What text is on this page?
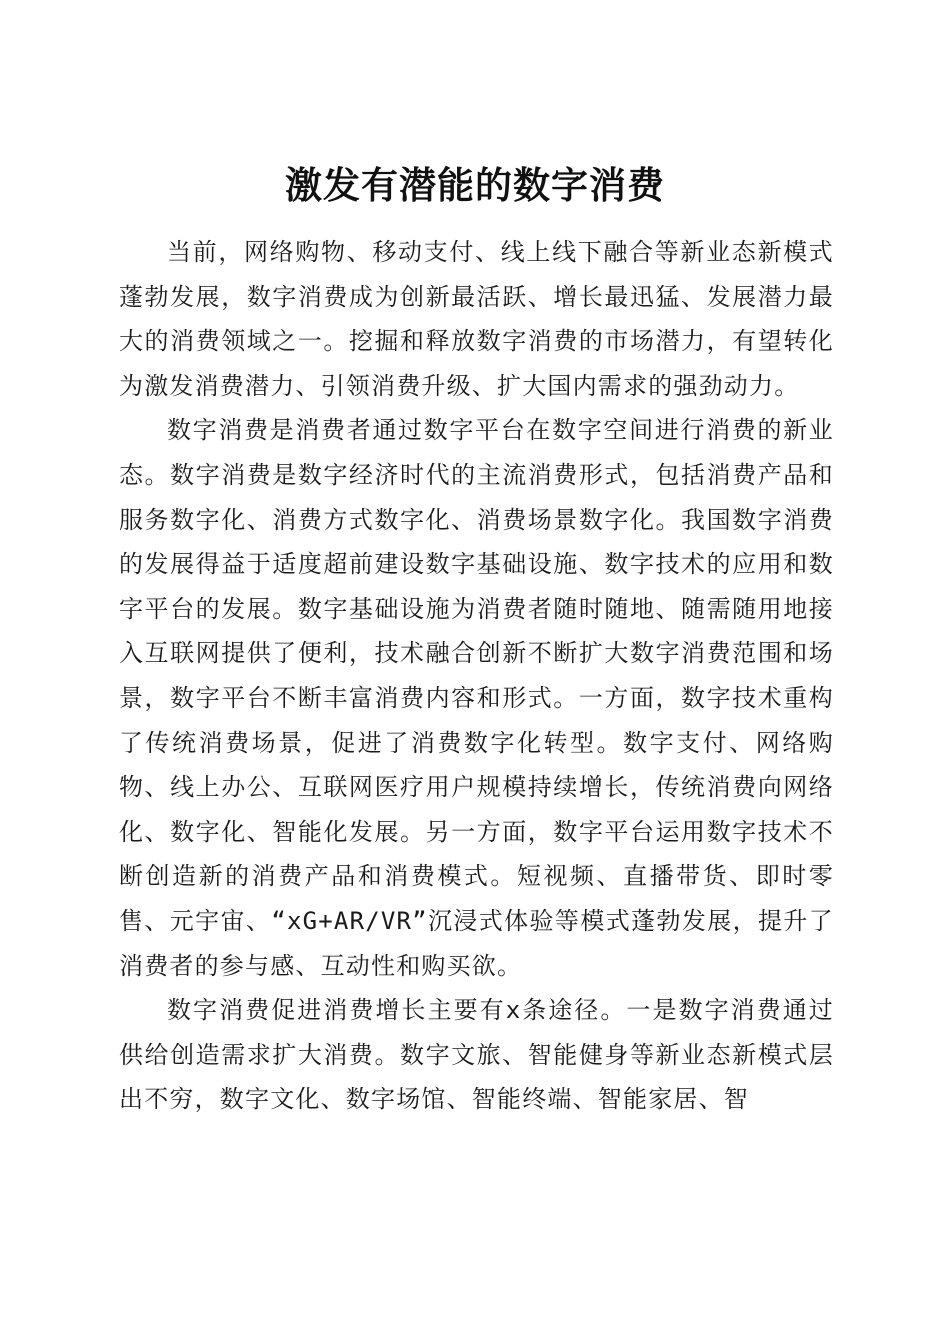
激发有潜能的数字消费

当前，网络购物、移动支付、线上线下融合等新业态新模式蓬勃发展，数字消费成为创新最活跃、增长最迅猛、发展潜力最大的消费领域之一。挖掘和释放数字消费的市场潜力，有望转化为激发消费潜力、引领消费升级、扩大国内需求的强劲动力。

数字消费是消费者通过数字平台在数字空间进行消费的新业态。数字消费是数字经济时代的主流消费形式，包括消费产品和服务数字化、消费方式数字化、消费场景数字化。我国数字消费的发展得益于适度超前建设数字基础设施、数字技术的应用和数字平台的发展。数字基础设施为消费者随时随地、随需随用地接入互联网提供了便利，技术融合创新不断扩大数字消费范围和场景，数字平台不断丰富消费内容和形式。一方面，数字技术重构了传统消费场景，促进了消费数字化转型。数字支付、网络购物、线上办公、互联网医疗用户规模持续增长，传统消费向网络化、数字化、智能化发展。另一方面，数字平台运用数字技术不断创造新的消费产品和消费模式。短视频、直播带货、即时零售、元宇宙、“xG+AR/VR”沉浸式体验等模式蓬勃发展，提升了消费者的参与感、互动性和购买欲。

数字消费促进消费增长主要有x条途径。一是数字消费通过供给创造需求扩大消费。数字文旅、智能健身等新业态新模式层出不穷，数字文化、数字场馆、智能终端、智能家居、智
